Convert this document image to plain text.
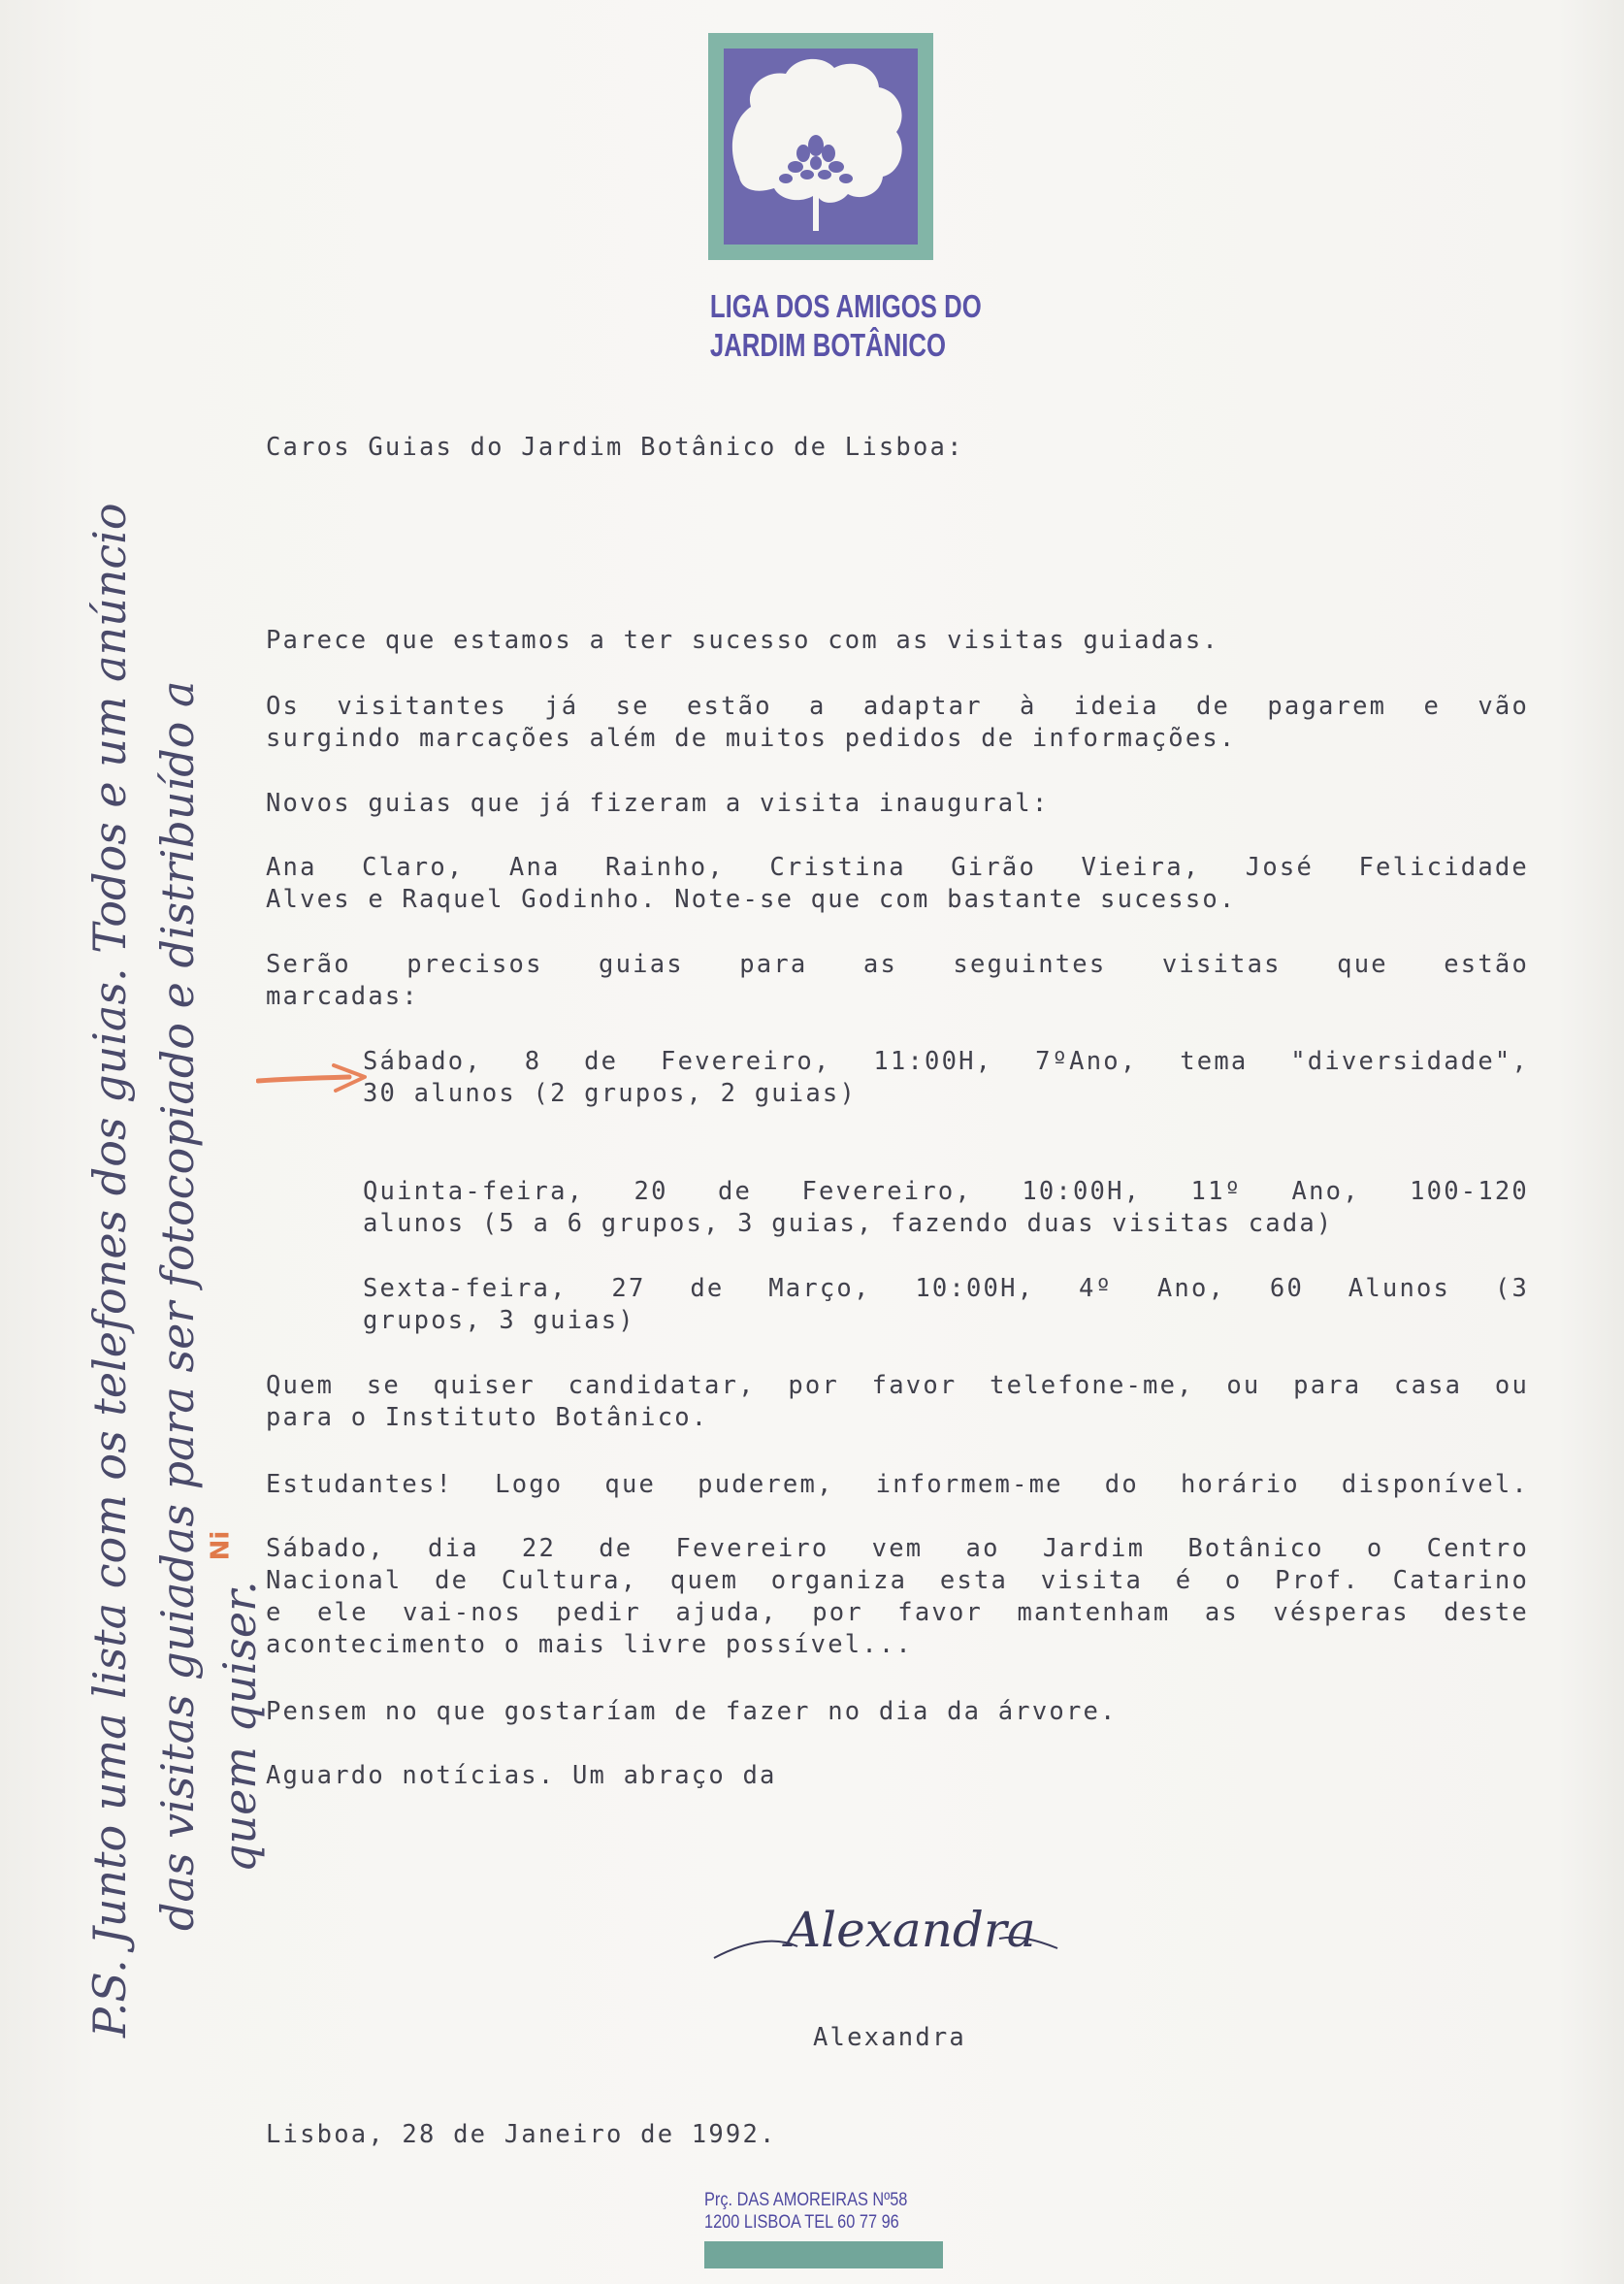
LIGA DOS AMIGOS DO
JARDIM BOTÂNICO
Caros Guias do Jardim Botânico de Lisboa:
Parece que estamos a ter sucesso com as visitas guiadas.
Os visitantes já se estão a adaptar à ideia de pagarem e vão
surgindo marcações além de muitos pedidos de informações.
Novos guias que já fizeram a visita inaugural:
Ana Claro, Ana Rainho, Cristina Girão Vieira, José Felicidade
Alves e Raquel Godinho. Note-se que com bastante sucesso.
Serão precisos guias para as seguintes visitas que estão
marcadas:
Sábado, 8 de Fevereiro, 11:00H, 7ºAno, tema "diversidade",
30 alunos (2 grupos, 2 guias)
Quinta-feira, 20 de Fevereiro, 10:00H, 11º Ano, 100-120
alunos (5 a 6 grupos, 3 guias, fazendo duas visitas cada)
Sexta-feira, 27 de Março, 10:00H, 4º Ano, 60 Alunos (3
grupos, 3 guias)
Quem se quiser candidatar, por favor telefone-me, ou para casa ou
para o Instituto Botânico.
Estudantes! Logo que puderem, informem-me do horário disponível.
Sábado, dia 22 de Fevereiro vem ao Jardim Botânico o Centro
Nacional de Cultura, quem organiza esta visita é o Prof. Catarino
e ele vai-nos pedir ajuda, por favor mantenham as vésperas deste
acontecimento o mais livre possível...
Pensem no que gostaríam de fazer no dia da árvore.
Aguardo notícias. Um abraço da
Alexandra
Alexandra
Lisboa, 28 de Janeiro de 1992.
P.S. Junto uma lista com os telefones dos guias. Todos e um anúncio das visitas guiadas para ser fotocopiado e distribuído a quem quiser.
Ni
Prç. DAS AMOREIRAS Nº58
1200 LISBOA TEL 60 77 96
